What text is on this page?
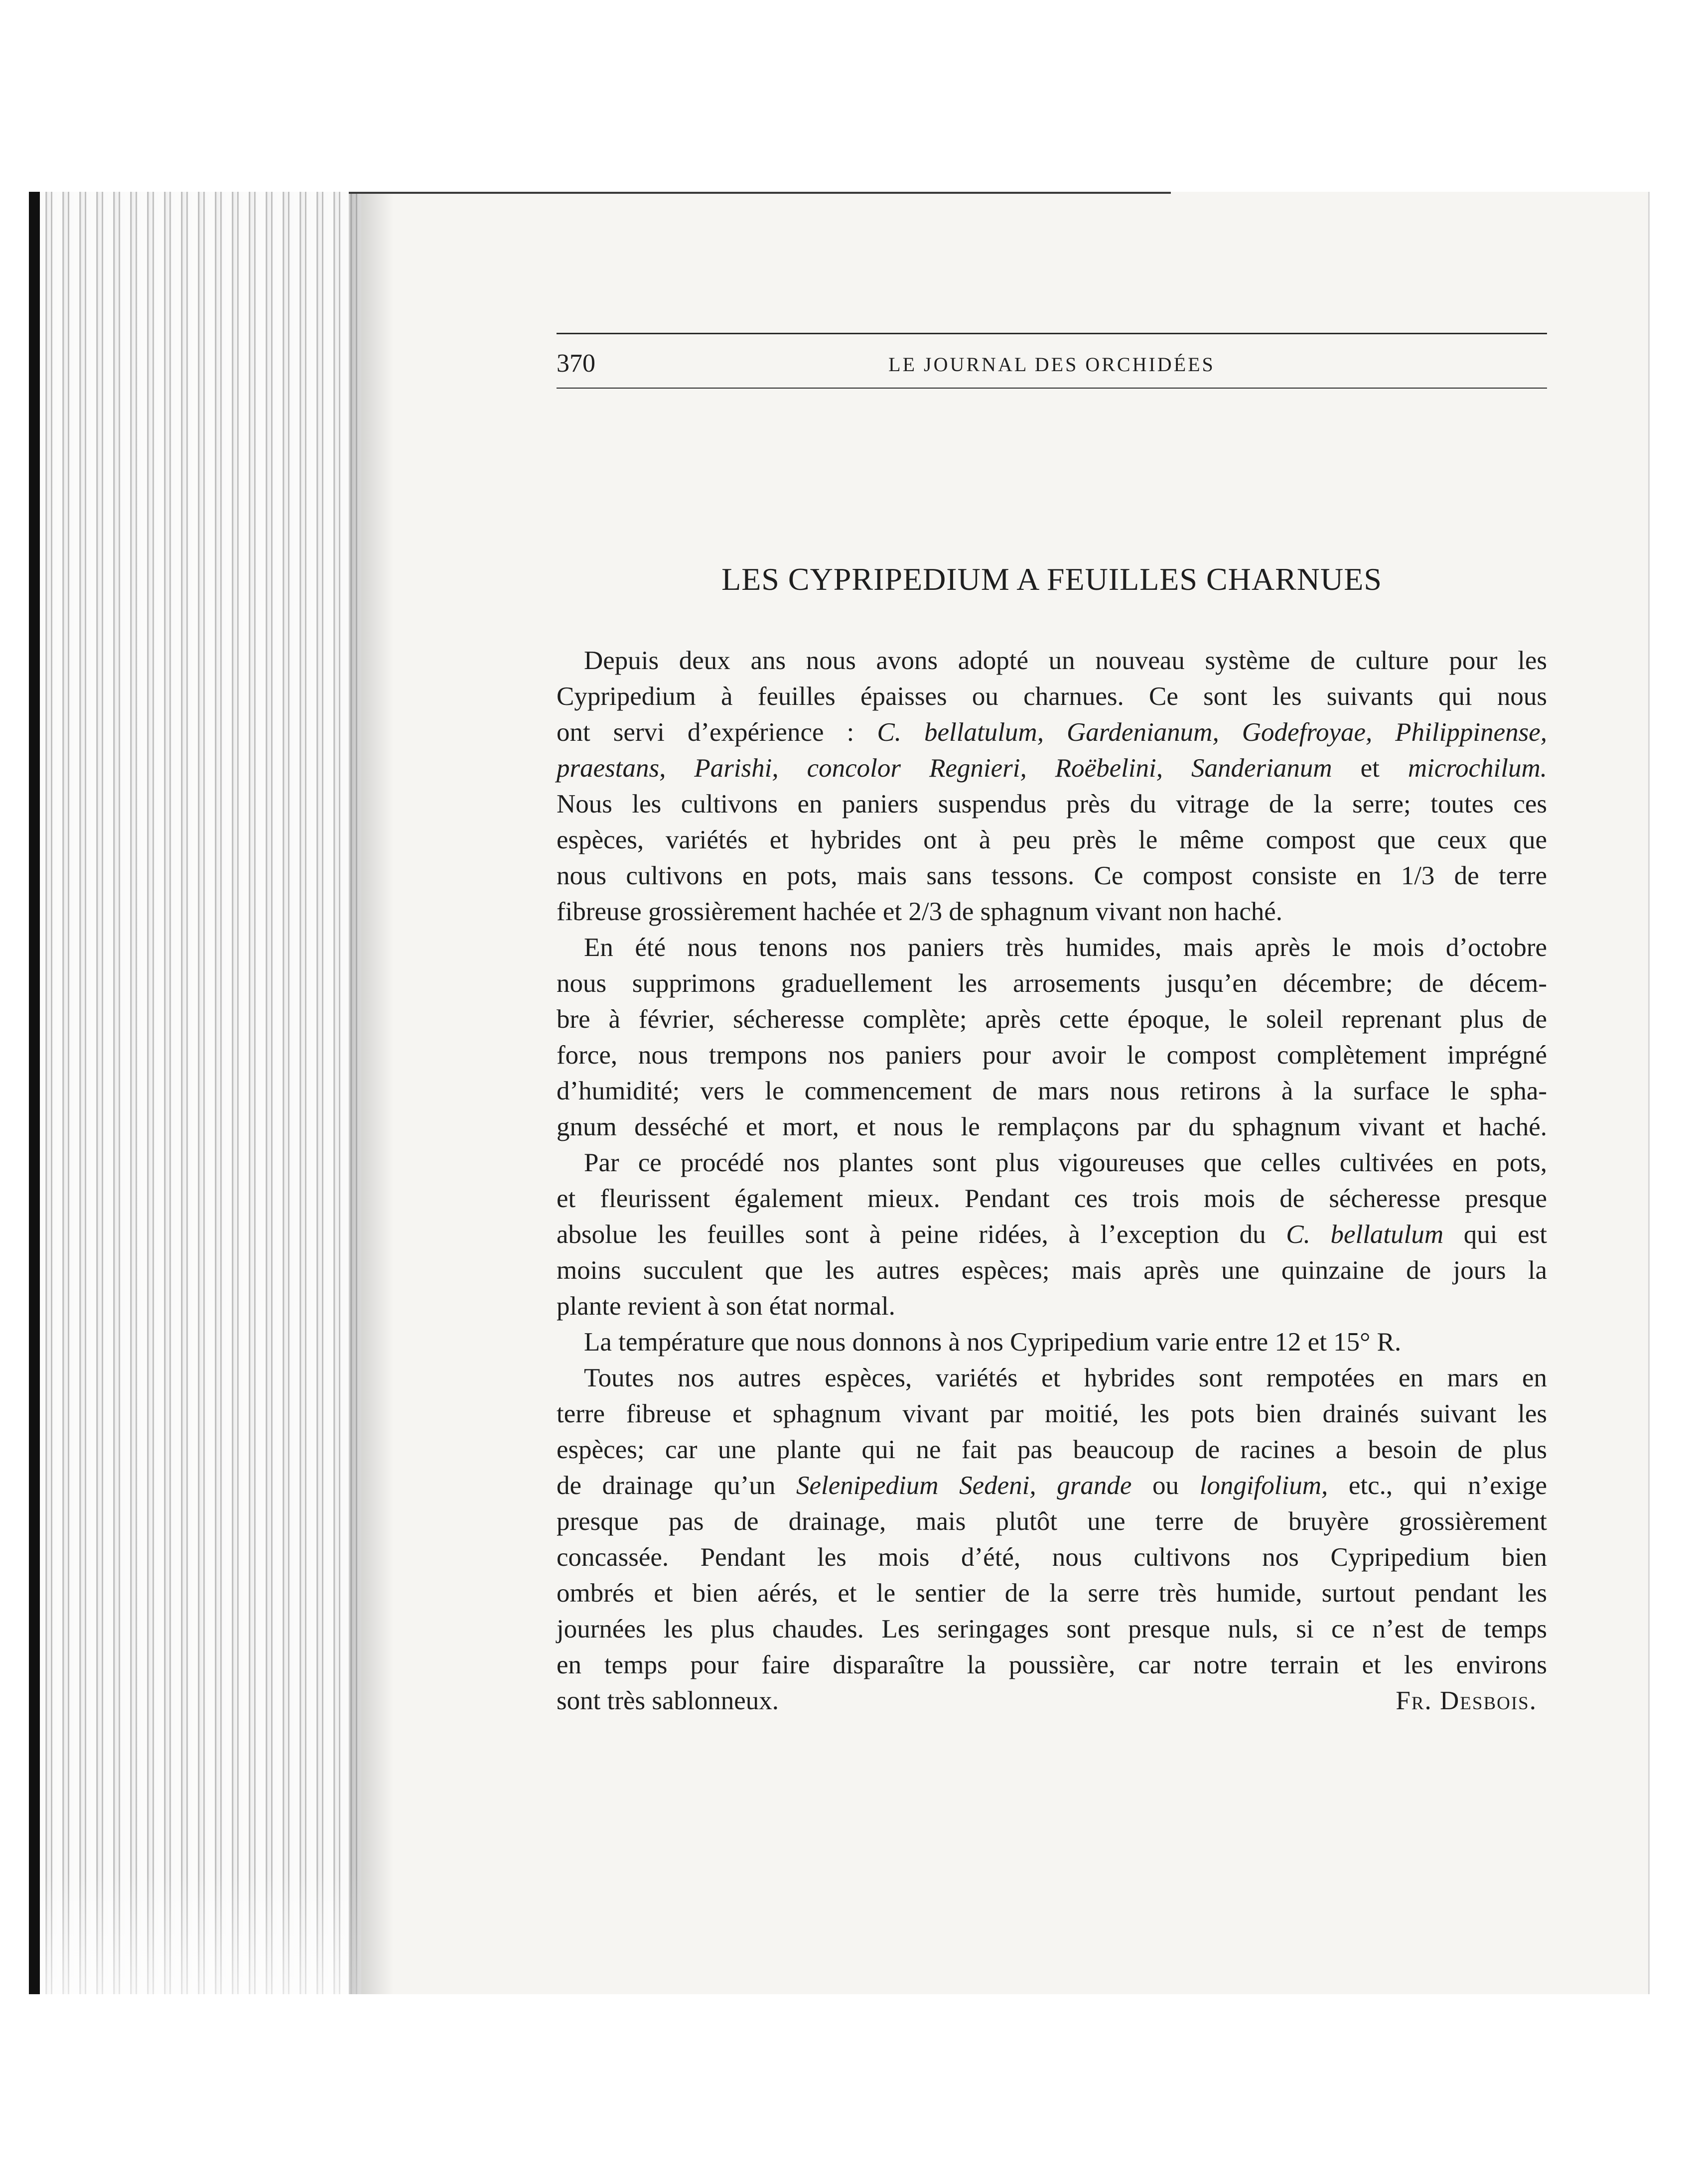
370	LE JOURNAL DES ORCHIDÉES
LES CYPRIPEDIUM A FEUILLES CHARNUES
Depuis deux ans nous avons adopté un nouveau système de culture pour les
Cypripedium à feuilles épaisses ou charnues. Ce sont les suivants qui nous
ont servi d’expérience : C. bellatulum, Gardenianum, Godefroyae, Philippinense,
praestans, Parishi, concolor Regnieri, Roëbelini, Sanderianum et microchilum.
Nous les cultivons en paniers suspendus près du vitrage de la serre; toutes ces
espèces, variétés et hybrides ont à peu près le même compost que ceux que
nous cultivons en pots, mais sans tessons. Ce compost consiste en 1/3 de terre
fibreuse grossièrement hachée et 2/3 de sphagnum vivant non haché.
En été nous tenons nos paniers très humides, mais après le mois d’octobre
nous supprimons graduellement les arrosements jusqu’en décembre; de décem-
bre à février, sécheresse complète; après cette époque, le soleil reprenant plus de
force, nous trempons nos paniers pour avoir le compost complètement imprégné
d’humidité; vers le commencement de mars nous retirons à la surface le spha-
gnum desséché et mort, et nous le remplaçons par du sphagnum vivant et haché.
Par ce procédé nos plantes sont plus vigoureuses que celles cultivées en pots,
et fleurissent également mieux. Pendant ces trois mois de sécheresse presque
absolue les feuilles sont à peine ridées, à l’exception du C. bellatulum qui est
moins succulent que les autres espèces; mais après une quinzaine de jours la
plante revient à son état normal.
La température que nous donnons à nos Cypripedium varie entre 12 et 15° R.
Toutes nos autres espèces, variétés et hybrides sont rempotées en mars en
terre fibreuse et sphagnum vivant par moitié, les pots bien drainés suivant les
espèces; car une plante qui ne fait pas beaucoup de racines a besoin de plus
de drainage qu’un Selenipedium Sedeni, grande ou longifolium, etc., qui n’exige
presque pas de drainage, mais plutôt une terre de bruyère grossièrement
concassée. Pendant les mois d’été, nous cultivons nos Cypripedium bien
ombrés et bien aérés, et le sentier de la serre très humide, surtout pendant les
journées les plus chaudes. Les seringages sont presque nuls, si ce n’est de temps
en temps pour faire disparaître la poussière, car notre terrain et les environs
sont très sablonneux.	Fr. Desbois.
